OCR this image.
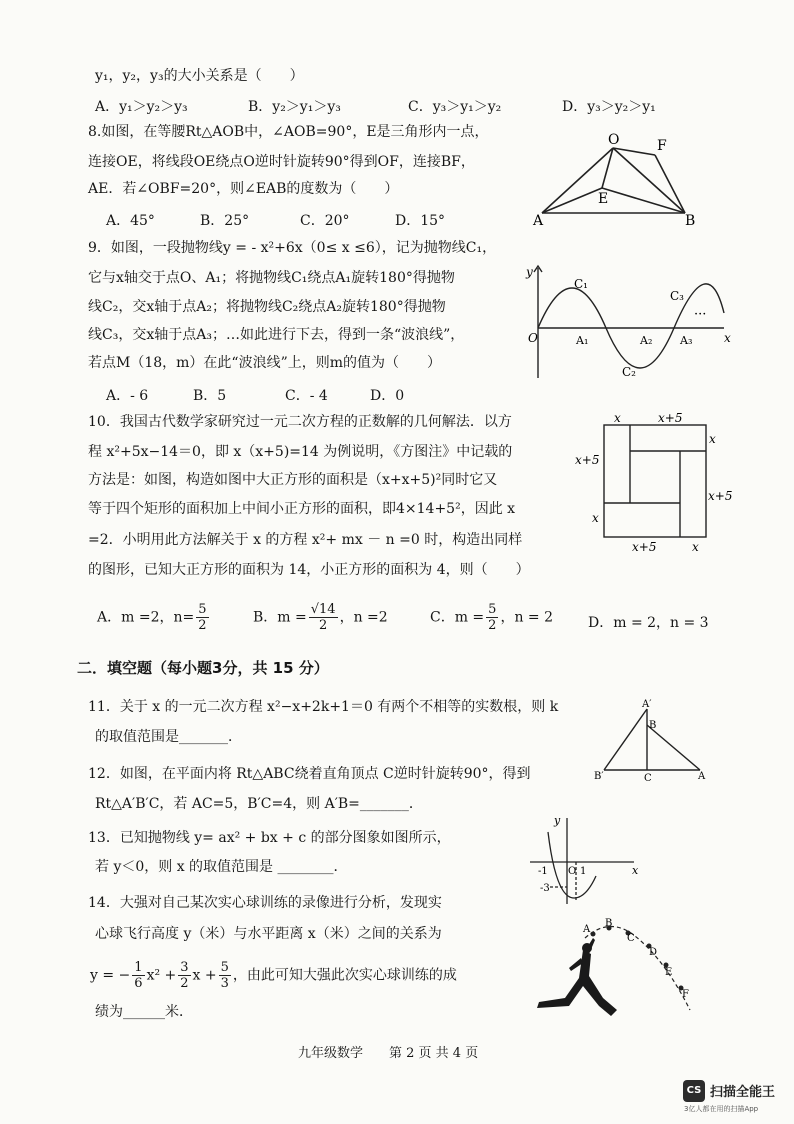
y₁，y₂，y₃的大小关系是（　　）
A．y₁＞y₂＞y₃	B．y₂＞y₁＞y₃	C．y₃＞y₁＞y₂	D．y₃＞y₂＞y₁
8.如图，在等腰Rt△AOB中，∠AOB=90°，E是三角形内一点，
连接OE，将线段OE绕点O逆时针旋转90°得到OF，连接BF，
AE．若∠OBF=20°，则∠EAB的度数为（　　）
A．45°	B．25°	C．20°	D．15°
O	F
E
A	B
9．如图，一段抛物线y = - x²+6x（0≤ x ≤6），记为抛物线C₁，
它与x轴交于点O、A₁；将抛物线C₁绕点A₁旋转180°得抛物
线C₂，交x轴于点A₂；将抛物线C₂绕点A₂旋转180°得抛物
线C₃，交x轴于点A₃；…如此进行下去，得到一条“波浪线”，
若点M（18，m）在此“波浪线”上，则m的值为（　　）
A．- 6	B．5	C．- 4	D．0
y
x
O
C₁
C₂
C₃
A₁	A₂	A₃
···
10．我国古代数学家研究过一元二次方程的正数解的几何解法．以方
程 x²+5x−14＝0，即 x（x+5)=14 为例说明，《方图注》中记载的
方法是：如图，构造如图中大正方形的面积是（x+x+5)²同时它又
等于四个矩形的面积加上中间小正方形的面积，即4×14+5²，因此 x
=2．小明用此方法解关于 x 的方程 x²+ mx － n =0 时，构造出同样
的图形，已知大正方形的面积为 14，小正方形的面积为 4，则（　　）
x	x+5
x
x+5
x+5
x
x+5	x
A．m =2，$n= \frac{5}{2}$	B．$m = \frac{√14}{2}$ ，n =2	C．$m = \frac{5}{2}$ ，n = 2 D．m = 2，n = 3
二．填空题（每小题3分，共 15 分）
11．关于 x 的一元二次方程 x²−x+2k+1＝0 有两个不相等的实数根，则 k
的取值范围是_______．
A′
B
B′	C	A
12．如图，在平面内将 Rt△ABC绕着直角顶点 C逆时针旋转90°，得到
Rt△A′B′C，若 AC=5，B′C=4，则 A′B=_______．
13．已知抛物线 y= ax² + bx + c 的部分图象如图所示，
若 y＜0，则 x 的取值范围是 ________．
y
x
-1 O 1
-3
14．大强对自己某次实心球训练的录像进行分析，发现实
心球飞行高度 y（米）与水平距离 x（米）之间的关系为
y = − $\frac{1}{6} x^2 + \frac{3}{2}$ $x + \frac{5}{3}$ ，由此可知大强此次实心球训练的成
绩为______米．
A
B
C
D
E
F
九年级数学　　第 2 页 共 4 页
CS 扫描全能王
3亿人都在用的扫描App
